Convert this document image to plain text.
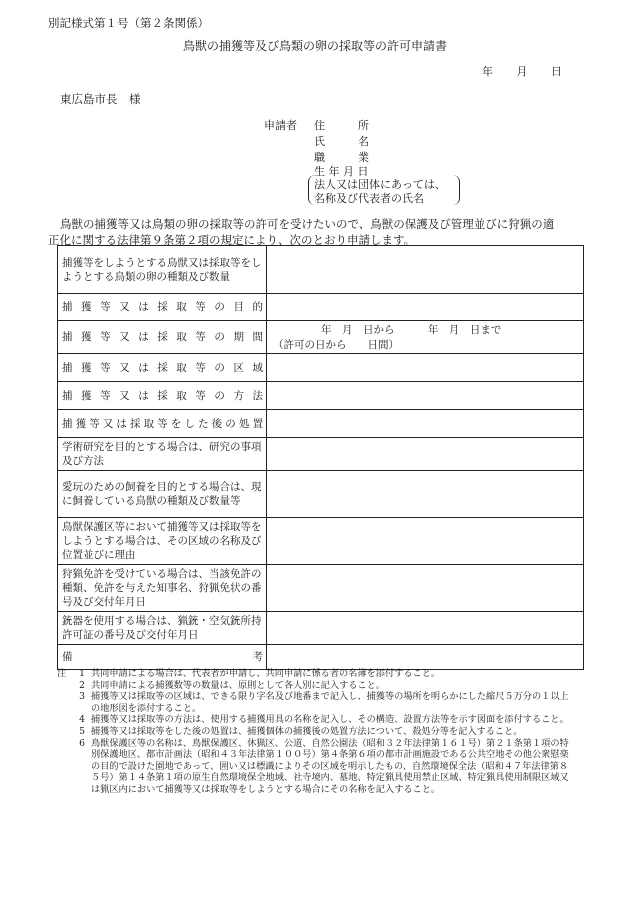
別記様式第１号（第２条関係）
鳥獣の捕獲等及び鳥類の卵の採取等の許可申請書
年 月 日
東広島市長　様
申請者 住　　　所
氏　　　名
職　　　業
生 年 月 日
法人又は団体にあっては、
名称及び代表者の氏名
鳥獣の捕獲等又は鳥類の卵の採取等の許可を受けたいので、鳥獣の保護及び管理並びに狩猟の適
正化に関する法律第９条第２項の規定により、次のとおり申請します。
捕獲等をしようとする鳥獣又は採取等をしようとする鳥類の卵の種類及び数量	
捕獲等又は採取等の目的	
捕獲等又は採取等の期間	年　月　日から 年　月　日まで
（許可の日から　　日間）

捕獲等又は採取等の区域	
捕獲等又は採取等の方法	
捕獲等又は採取等をした後の処置	
学術研究を目的とする場合は、研究の事項及び方法	
愛玩のための飼養を目的とする場合は、現に飼養している鳥獣の種類及び数量等	
鳥獣保護区等において捕獲等又は採取等をしようとする場合は、その区域の名称及び位置並びに理由	
狩猟免許を受けている場合は、当該免許の種類、免許を与えた知事名、狩猟免状の番号及び交付年月日	
銃器を使用する場合は、猟銃・空気銃所持許可証の番号及び交付年月日	
備　　　　　　　　考	
注	1 共同申請による場合は、代表者が申請し、共同申請に係る者の名簿を添付すること。
2 共同申請による捕獲数等の数量は、原則として各人別に記入すること。
3 捕獲等又は採取等の区域は、できる限り字名及び地番まで記入し、捕獲等の場所を明らかにした縮尺５万分の１以上の地形図を添付すること。
4 捕獲等又は採取等の方法は、使用する捕獲用具の名称を記入し、その構造、設置方法等を示す図面を添付すること。
5 捕獲等又は採取等をした後の処置は、捕獲個体の捕獲後の処置方法について、殺処分等を記入すること。
6 鳥獣保護区等の名称は、鳥獣保護区、休猟区、公道、自然公園法（昭和３２年法律第１６１号）第２１条第１項の特別保護地区、都市計画法（昭和４３年法律第１００号）第４条第６項の都市計画施設である公共空地その他公衆慰楽の目的で設けた園地であって、囲い又は標識によりその区域を明示したもの、自然環境保全法（昭和４７年法律第８５号）第１４条第１項の原生自然環境保全地域、社寺境内、墓地、特定猟具使用禁止区域、特定猟具使用制限区域又は猟区内において捕獲等又は採取等をしようとする場合にその名称を記入すること。
